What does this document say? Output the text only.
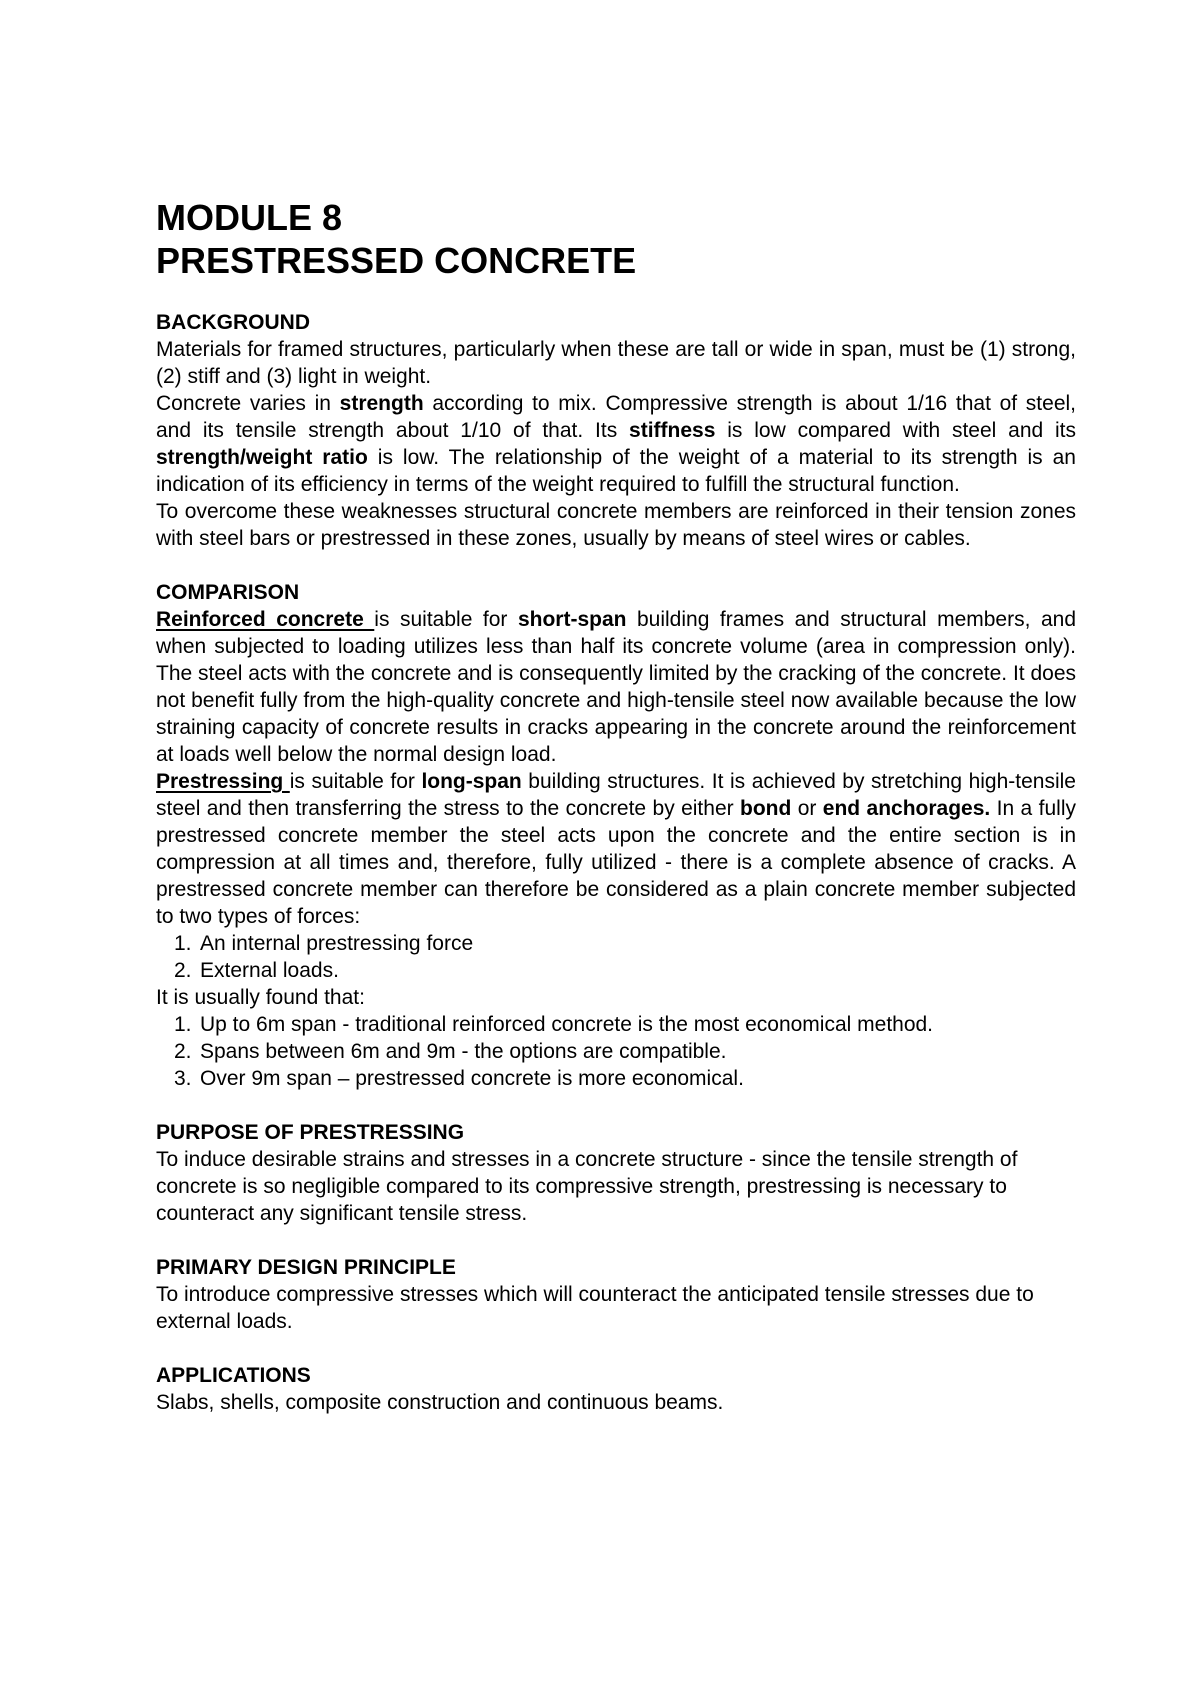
MODULE 8
PRESTRESSED CONCRETE
BACKGROUND

Materials for framed structures, particularly when these are tall or wide in span, must be (1) strong, (2) stiff and (3) light in weight.

Concrete varies in strength according to mix. Compressive strength is about 1/16 that of steel, and its tensile strength about 1/10 of that. Its stiffness is low compared with steel and its strength/weight ratio is low. The relationship of the weight of a material to its strength is an indication of its efficiency in terms of the weight required to fulfill the structural function.

To overcome these weaknesses structural concrete members are reinforced in their tension zones with steel bars or prestressed in these zones, usually by means of steel wires or cables.

COMPARISON

Reinforced concrete is suitable for short-span building frames and structural members, and when subjected to loading utilizes less than half its concrete volume (area in compression only). The steel acts with the concrete and is consequently limited by the cracking of the concrete. It does not benefit fully from the high-quality concrete and high-tensile steel now available because the low straining capacity of concrete results in cracks appearing in the concrete around the reinforcement at loads well below the normal design load.

Prestressing is suitable for long-span building structures. It is achieved by stretching high-tensile steel and then transferring the stress to the concrete by either bond or end anchorages. In a fully prestressed concrete member the steel acts upon the concrete and the entire section is in compression at all times and, therefore, fully utilized - there is a complete absence of cracks. A prestressed concrete member can therefore be considered as a plain concrete member subjected to two types of forces:

1. An internal prestressing force
2. External loads.

It is usually found that:

1. Up to 6m span - traditional reinforced concrete is the most economical method.
2. Spans between 6m and 9m - the options are compatible.
3. Over 9m span – prestressed concrete is more economical.
PURPOSE OF PRESTRESSING

To induce desirable strains and stresses in a concrete structure - since the tensile strength of concrete is so negligible compared to its compressive strength, prestressing is necessary to counteract any significant tensile stress.

PRIMARY DESIGN PRINCIPLE

To introduce compressive stresses which will counteract the anticipated tensile stresses due to external loads.

APPLICATIONS

Slabs, shells, composite construction and continuous beams.
